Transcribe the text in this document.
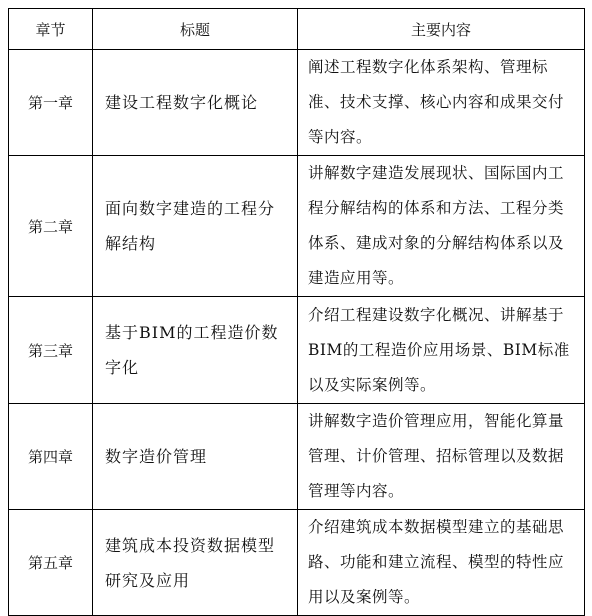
章节	标题	主要内容
第一章	建设工程数字化概论	阐述工程数字化体系架构、管理标准、技术支撑、核心内容和成果交付等内容。
第二章	面向数字建造的工程分解结构	讲解数字建造发展现状、国际国内工程分解结构的体系和方法、工程分类体系、建成对象的分解结构体系以及建造应用等。
第三章	基于BIM的工程造价数字化	介绍工程建设数字化概况、讲解基于BIM的工程造价应用场景、BIM标准以及实际案例等。
第四章	数字造价管理	讲解数字造价管理应用，智能化算量管理、计价管理、招标管理以及数据管理等内容。
第五章	建筑成本投资数据模型研究及应用	介绍建筑成本数据模型建立的基础思路、功能和建立流程、模型的特性应用以及案例等。
